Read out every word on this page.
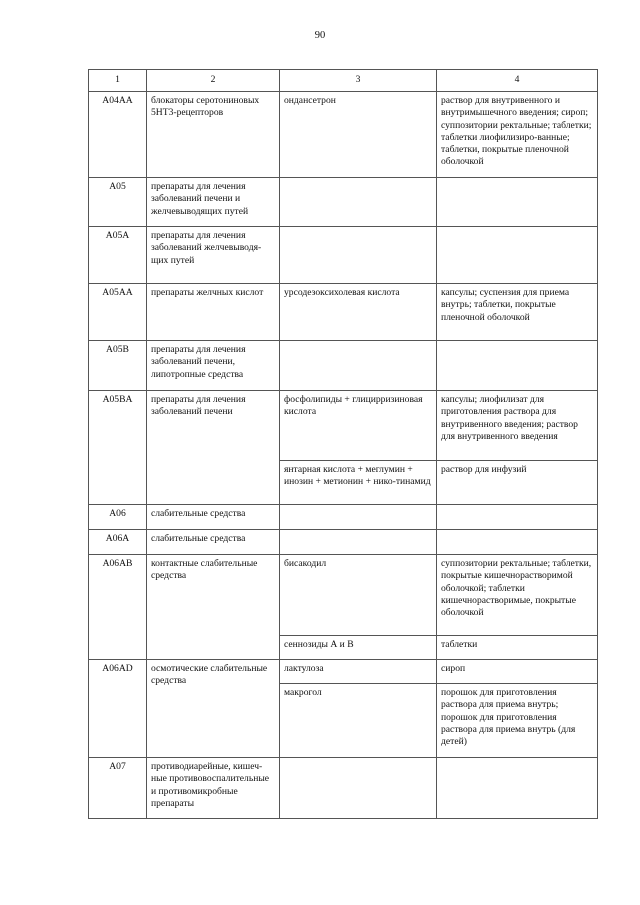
90
1	2	3	4
A04AA	блокаторы серотониновых 5НТ3-рецепторов	ондансетрон	раствор для внутривенного и внутримышечного введения; сироп; суппозитории ректальные; таблетки; таблетки лиофилизиро-ванные; таблетки, покрытые пленочной оболочкой
A05	препараты для лечения заболеваний печени и желчевыводящих путей		
A05A	препараты для лечения заболеваний желчевыводя-щих путей		
A05AA	препараты желчных кислот	урсодезоксихолевая кислота	капсулы; суспензия для приема внутрь; таблетки, покрытые пленочной оболочкой
A05B	препараты для лечения заболеваний печени, липотропные средства		
A05BA	препараты для лечения заболеваний печени	фосфолипиды + глицирризиновая кислота	капсулы; лиофилизат для приготовления раствора для внутривенного введения; раствор для внутривенного введения
		янтарная кислота + меглумин + инозин + метионин + нико-тинамид	раствор для инфузий
A06	слабительные средства		
A06A	слабительные средства		
A06AB	контактные слабительные средства	бисакодил	суппозитории ректальные; таблетки, покрытые кишечнорастворимой оболочкой; таблетки кишечнорастворимые, покрытые оболочкой
		сеннозиды А и В	таблетки
A06AD	осмотические слабительные средства	лактулоза	сироп
		макрогол	порошок для приготовления раствора для приема внутрь; порошок для приготовления раствора для приема внутрь (для детей)
A07	противодиарейные, кишеч-ные противовоспалительные и противомикробные препараты		
